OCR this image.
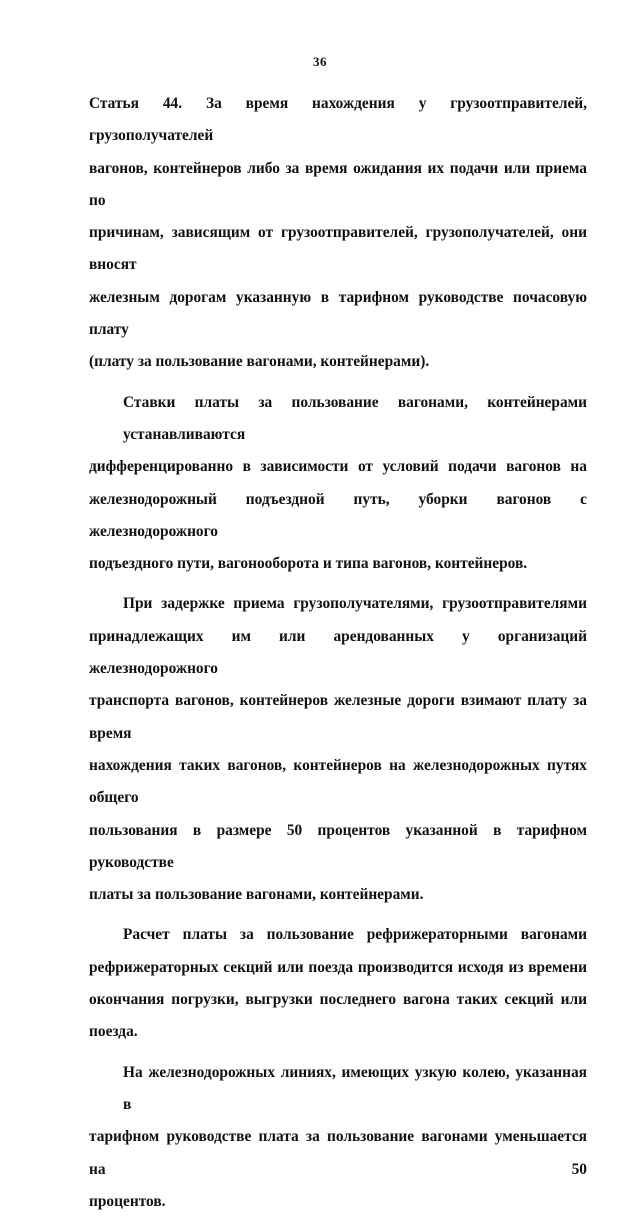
36
Статья 44. За время нахождения у грузоотправителей, грузополучателей
вагонов, контейнеров либо за время ожидания их подачи или приема по
причинам, зависящим от грузоотправителей, грузополучателей, они вносят
железным дорогам указанную в тарифном руководстве почасовую плату
(плату за пользование вагонами, контейнерами).
Ставки платы за пользование вагонами, контейнерами устанавливаются
дифференцированно в зависимости от условий подачи вагонов на
железнодорожный подъездной путь, уборки вагонов с железнодорожного
подъездного пути, вагонооборота и типа вагонов, контейнеров.
При задержке приема грузополучателями, грузоотправителями
принадлежащих им или арендованных у организаций железнодорожного
транспорта вагонов, контейнеров железные дороги взимают плату за время
нахождения таких вагонов, контейнеров на железнодорожных путях общего
пользования в размере 50 процентов указанной в тарифном руководстве
платы за пользование вагонами, контейнерами.
Расчет платы за пользование рефрижераторными вагонами
рефрижераторных секций или поезда производится исходя из времени
окончания погрузки, выгрузки последнего вагона таких секций или поезда.
На железнодорожных линиях, имеющих узкую колею, указанная в
тарифном руководстве плата за пользование вагонами уменьшается на 50
процентов.
